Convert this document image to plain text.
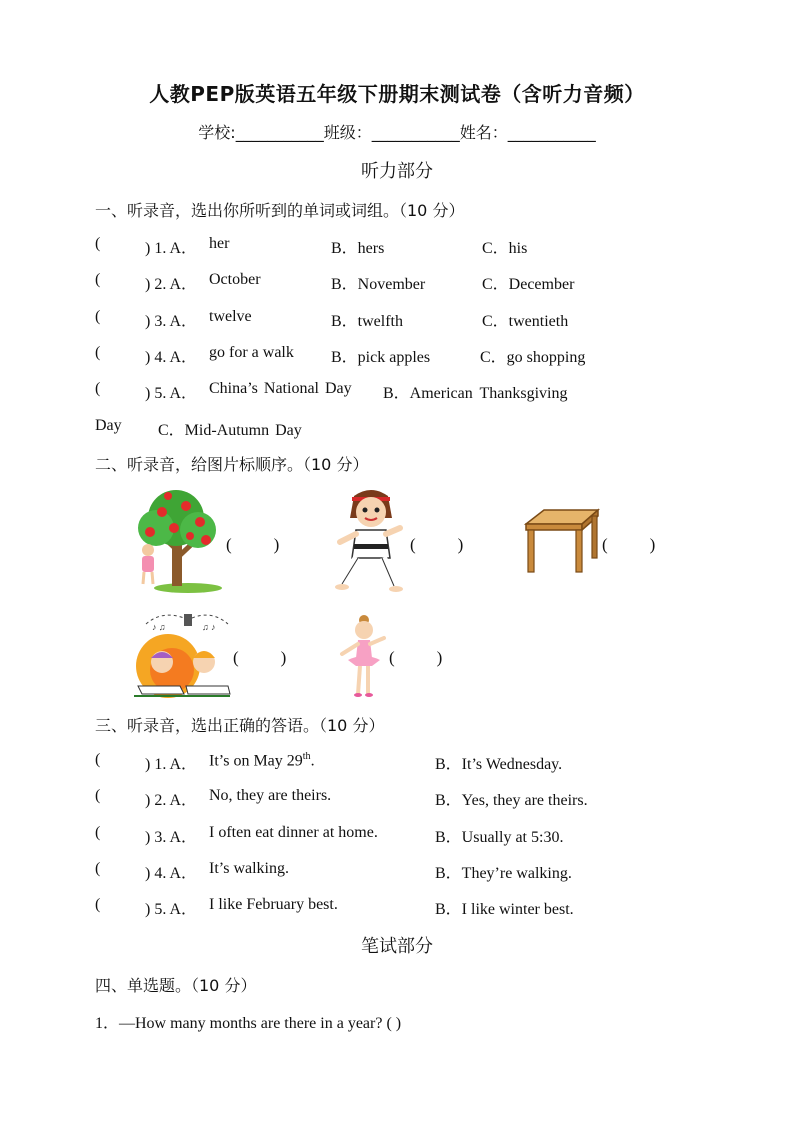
人教PEP版英语五年级下册期末测试卷（含听力音频）
学校:___________班级：___________姓名：___________
听力部分
一、听录音，选出你所听到的单词或词组。（10 分）
(	) 1. A． her	B．hers	C．his
(	) 2. A． October	B．November	C．December
(	) 3. A． twelve	B．twelfth	C．twentieth
(	) 4. A． go for a walk B．pick apples	C．go shopping
(	) 5. A． China’s National Day B．American Thanksgiving
Day C．Mid-Autumn Day
二、听录音，给图片标顺序。（10 分）
( )	( )	( )
♪ ♫	♫ ♪
( )	( )
三、听录音，选出正确的答语。（10 分）
(	) 1. A． It’s on May 29th.	B．It’s Wednesday.
(	) 2. A． No, they are theirs.	B．Yes, they are theirs.
(	) 3. A． I often eat dinner at home.	B．Usually at 5:30.
(	) 4. A． It’s walking.	B．They’re walking.
(	) 5. A． I like February best.	B．I like winter best.
笔试部分
四、单选题。（10 分）
1．—How many months are there in a year? ( )
